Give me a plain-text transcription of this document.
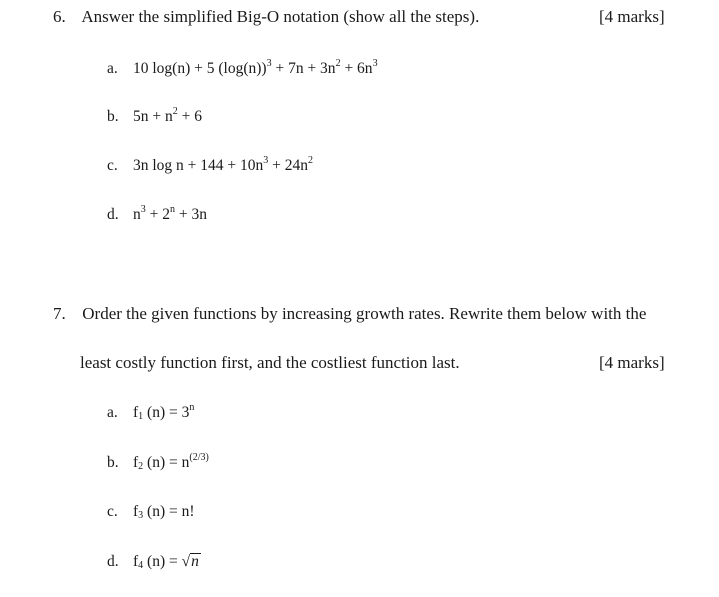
6. Answer the simplified Big-O notation (show all the steps).	[4 marks]
a. 10 log(n) + 5 $(\log(n))^3 + 7n + 3n^2 + 6n^3$
b. $5n + n^2 + 6$
c. 3n $\log n + 144 + 10n^3 + 24n^2$
d. $n^3 + 2^n + 3n$
7. Order the given functions by increasing growth rates. Rewrite them below with the
least costly function first, and the costliest function last.	[4 marks]
a. $f_1$ $(n) = 3^n$
b. $f_2$ $(n) = n^{(2/3)}$
c. $f_3$ (n) = n!
d. $f_4$ (n) = √n
